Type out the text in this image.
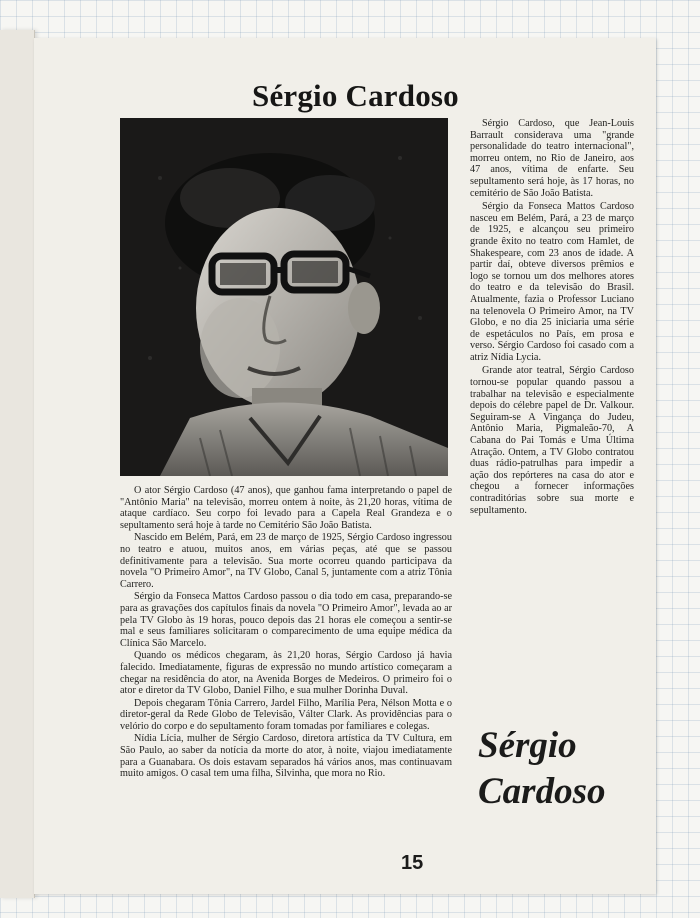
Sérgio Cardoso

O ator Sérgio Cardoso (47 anos), que ganhou fama interpretando o papel de "Antônio Maria" na televisão, morreu ontem à noite, às 21,20 horas, vítima de ataque cardíaco. Seu corpo foi levado para a Capela Real Grandeza e o sepultamento será hoje à tarde no Cemitério São João Batista.

Nascido em Belém, Pará, em 23 de março de 1925, Sérgio Cardoso ingressou no teatro e atuou, muitos anos, em várias peças, até que se passou definitivamente para a televisão. Sua morte ocorreu quando participava da novela "O Primeiro Amor", na TV Globo, Canal 5, juntamente com a atriz Tônia Carrero.

Sérgio da Fonseca Mattos Cardoso passou o dia todo em casa, preparando-se para as gravações dos capítulos finais da novela "O Primeiro Amor", levada ao ar pela TV Globo às 19 horas, pouco depois das 21 horas ele começou a sentir-se mal e seus familiares solicitaram o comparecimento de uma equipe médica da Clínica São Marcelo.

Quando os médicos chegaram, às 21,20 horas, Sérgio Cardoso já havia falecido. Imediatamente, figuras de expressão no mundo artístico começaram a chegar na residência do ator, na Avenida Borges de Medeiros. O primeiro foi o ator e diretor da TV Globo, Daniel Filho, e sua mulher Dorinha Duval.

Depois chegaram Tônia Carrero, Jardel Filho, Marília Pera, Nélson Motta e o diretor-geral da Rede Globo de Televisão, Válter Clark. As providências para o velório do corpo e do sepultamento foram tomadas por familiares e colegas.

Nídia Lícia, mulher de Sérgio Cardoso, diretora artística da TV Cultura, em São Paulo, ao saber da notícia da morte do ator, à noite, viajou imediatamente para a Guanabara. Os dois estavam separados há vários anos, mas continuavam muito amigos. O casal tem uma filha, Silvinha, que mora no Rio.

Sérgio Cardoso, que Jean-Louis Barrault considerava uma "grande personalidade do teatro internacional", morreu ontem, no Rio de Janeiro, aos 47 anos, vítima de enfarte. Seu sepultamento será hoje, às 17 horas, no cemitério de São João Batista.

Sérgio da Fonseca Mattos Cardoso nasceu em Belém, Pará, a 23 de março de 1925, e alcançou seu primeiro grande êxito no teatro com Hamlet, de Shakespeare, com 23 anos de idade. A partir daí, obteve diversos prêmios e logo se tornou um dos melhores atores do teatro e da televisão do Brasil. Atualmente, fazia o Professor Luciano na telenovela O Primeiro Amor, na TV Globo, e no dia 25 iniciaria uma série de espetáculos no País, em prosa e verso. Sérgio Cardoso foi casado com a atriz Nídia Lycia.

Grande ator teatral, Sérgio Cardoso tornou-se popular quando passou a trabalhar na televisão e especialmente depois do célebre papel de Dr. Valkour. Seguiram-se A Vingança do Judeu, Antônio Maria, Pigmaleão-70, A Cabana do Pai Tomás e Uma Última Atração. Ontem, a TV Globo contratou duas rádio-patrulhas para impedir a ação dos repórteres na casa do ator e chegou a fornecer informações contraditórias sobre sua morte e sepultamento.

Sérgio
Cardoso
15
